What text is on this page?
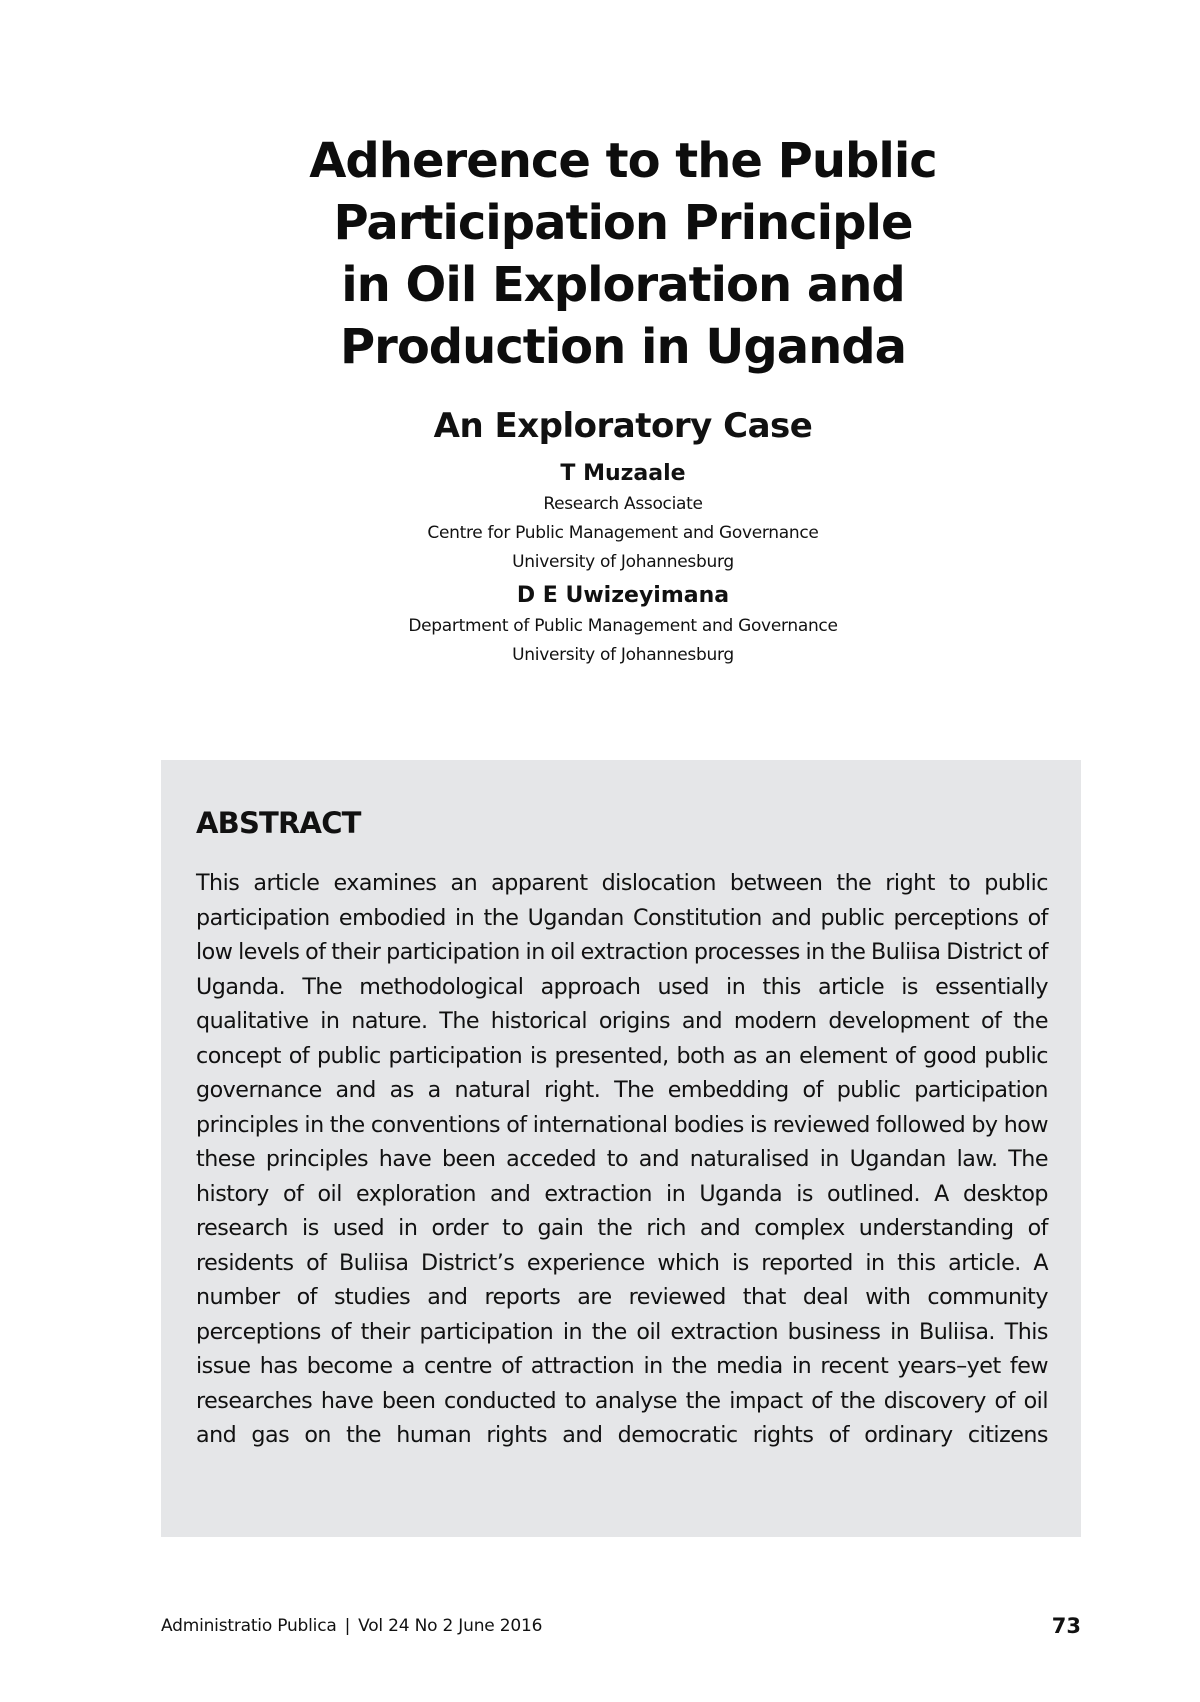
Adherence to the Public
Participation Principle
in Oil Exploration and
Production in Uganda
An Exploratory Case

T Muzaale

Research Associate

Centre for Public Management and Governance

University of Johannesburg

D E Uwizeyimana

Department of Public Management and Governance

University of Johannesburg

ABSTRACT

This article examines an apparent dislocation between the right to public participation embodied in the Ugandan Constitution and public perceptions of low levels of their participation in oil extraction processes in the Buliisa District of Uganda. The methodological approach used in this article is essentially qualitative in nature. The historical origins and modern development of the concept of public participation is presented, both as an element of good public governance and as a natural right. The embedding of public participation principles in the conventions of international bodies is reviewed followed by how these principles have been acceded to and naturalised in Ugandan law. The history of oil exploration and extraction in Uganda is outlined. A desktop research is used in order to gain the rich and complex understanding of residents of Buliisa District’s experience which is reported in this article. A number of studies and reports are reviewed that deal with community perceptions of their participation in the oil extraction business in Buliisa. This issue has become a centre of attraction in the media in recent years–yet few researches have been conducted to analyse the impact of the discovery of oil and gas on the human rights and democratic rights of ordinary citizens

Administratio Publica | Vol 24 No 2 June 2016	73
